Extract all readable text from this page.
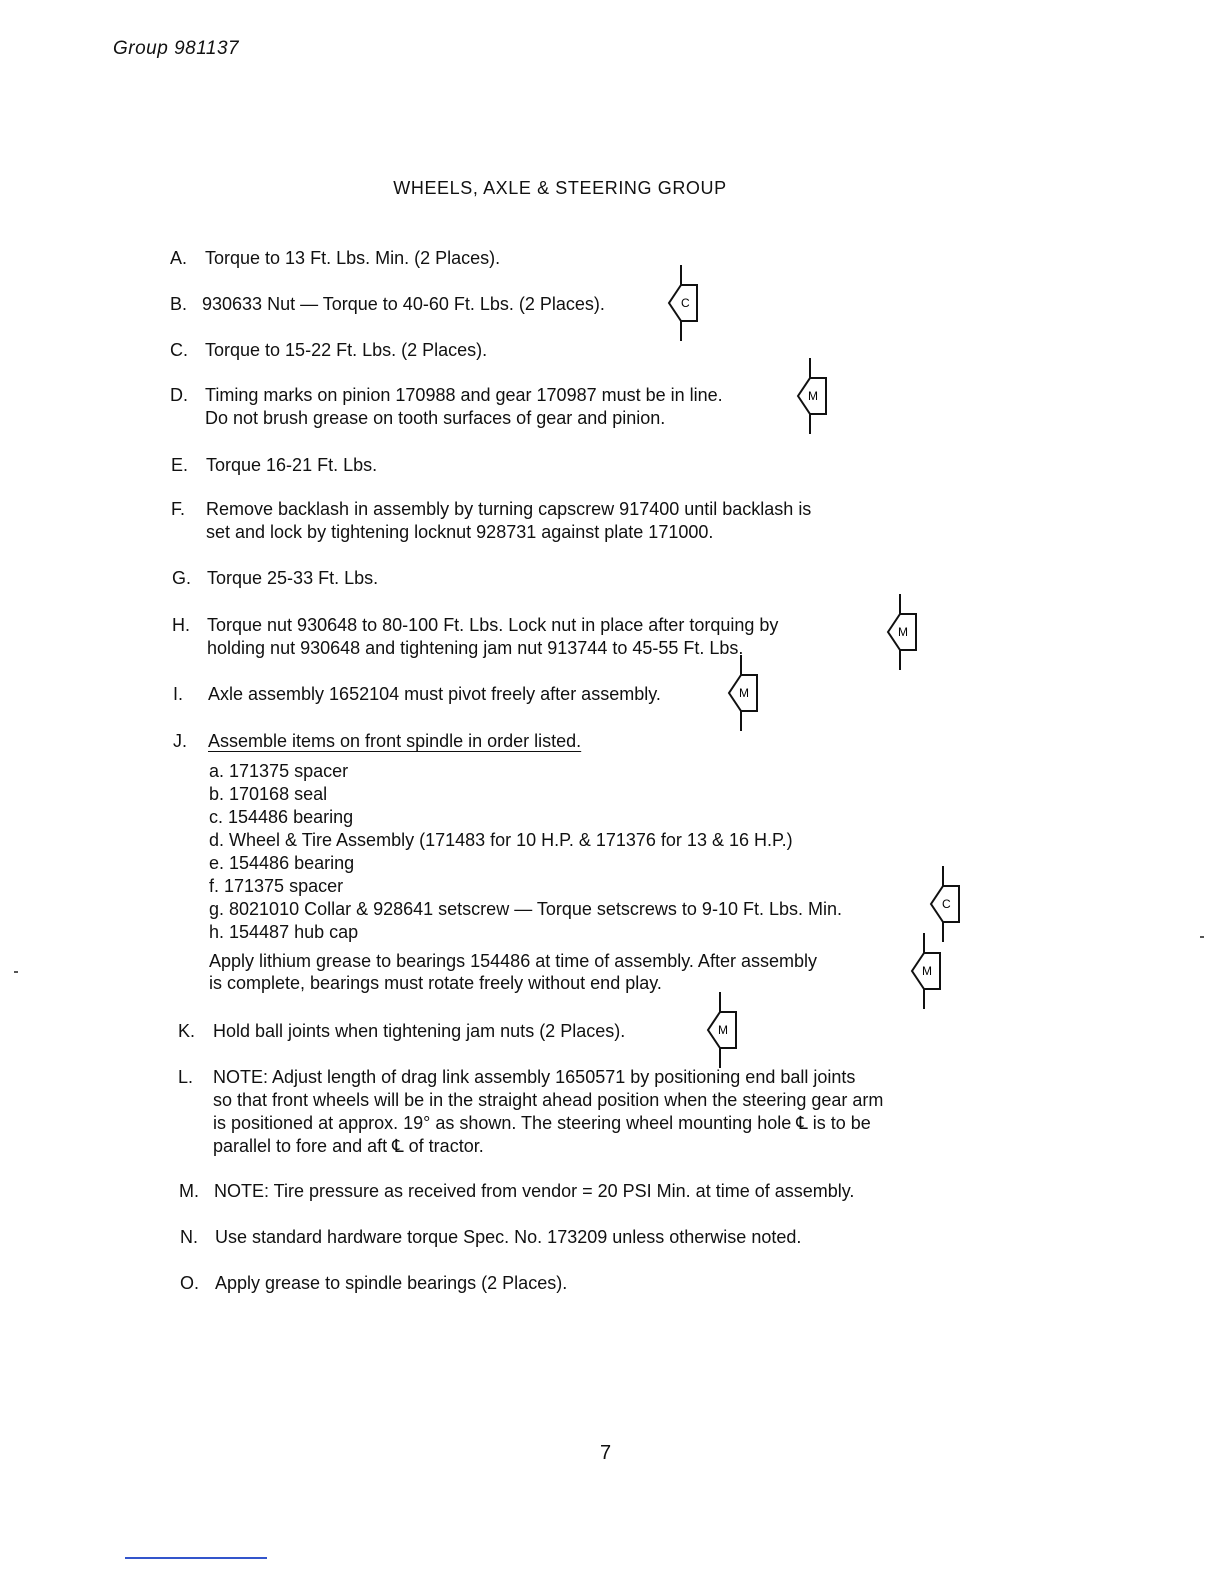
Group 981137
WHEELS, AXLE & STEERING GROUP
A. Torque to 13 Ft. Lbs. Min. (2 Places).
B. 930633 Nut — Torque to 40-60 Ft. Lbs. (2 Places).
C. Torque to 15-22 Ft. Lbs. (2 Places).
D. Timing marks on pinion 170988 and gear 170987 must be in line.
Do not brush grease on tooth surfaces of gear and pinion.
E. Torque 16-21 Ft. Lbs.
F. Remove backlash in assembly by turning capscrew 917400 until backlash is
set and lock by tightening locknut 928731 against plate 171000.
G. Torque 25-33 Ft. Lbs.
H. Torque nut 930648 to 80-100 Ft. Lbs. Lock nut in place after torquing by
holding nut 930648 and tightening jam nut 913744 to 45-55 Ft. Lbs.
I. Axle assembly 1652104 must pivot freely after assembly.
J. Assemble items on front spindle in order listed.
a. 171375 spacer
b. 170168 seal
c. 154486 bearing
d. Wheel & Tire Assembly (171483 for 10 H.P. & 171376 for 13 & 16 H.P.)
e. 154486 bearing
f. 171375 spacer
g. 8021010 Collar & 928641 setscrew — Torque setscrews to 9-10 Ft. Lbs. Min.
h. 154487 hub cap
Apply lithium grease to bearings 154486 at time of assembly. After assembly
is complete, bearings must rotate freely without end play.
K. Hold ball joints when tightening jam nuts (2 Places).
L. NOTE: Adjust length of drag link assembly 1650571 by positioning end ball joints
so that front wheels will be in the straight ahead position when the steering gear arm
is positioned at approx. 19° as shown. The steering wheel mounting hole ℄ is to be
parallel to fore and aft ℄ of tractor.
M. NOTE: Tire pressure as received from vendor = 20 PSI Min. at time of assembly.
N. Use standard hardware torque Spec. No. 173209 unless otherwise noted.
O. Apply grease to spindle bearings (2 Places).
C
M
M
M
C
M
M
7
